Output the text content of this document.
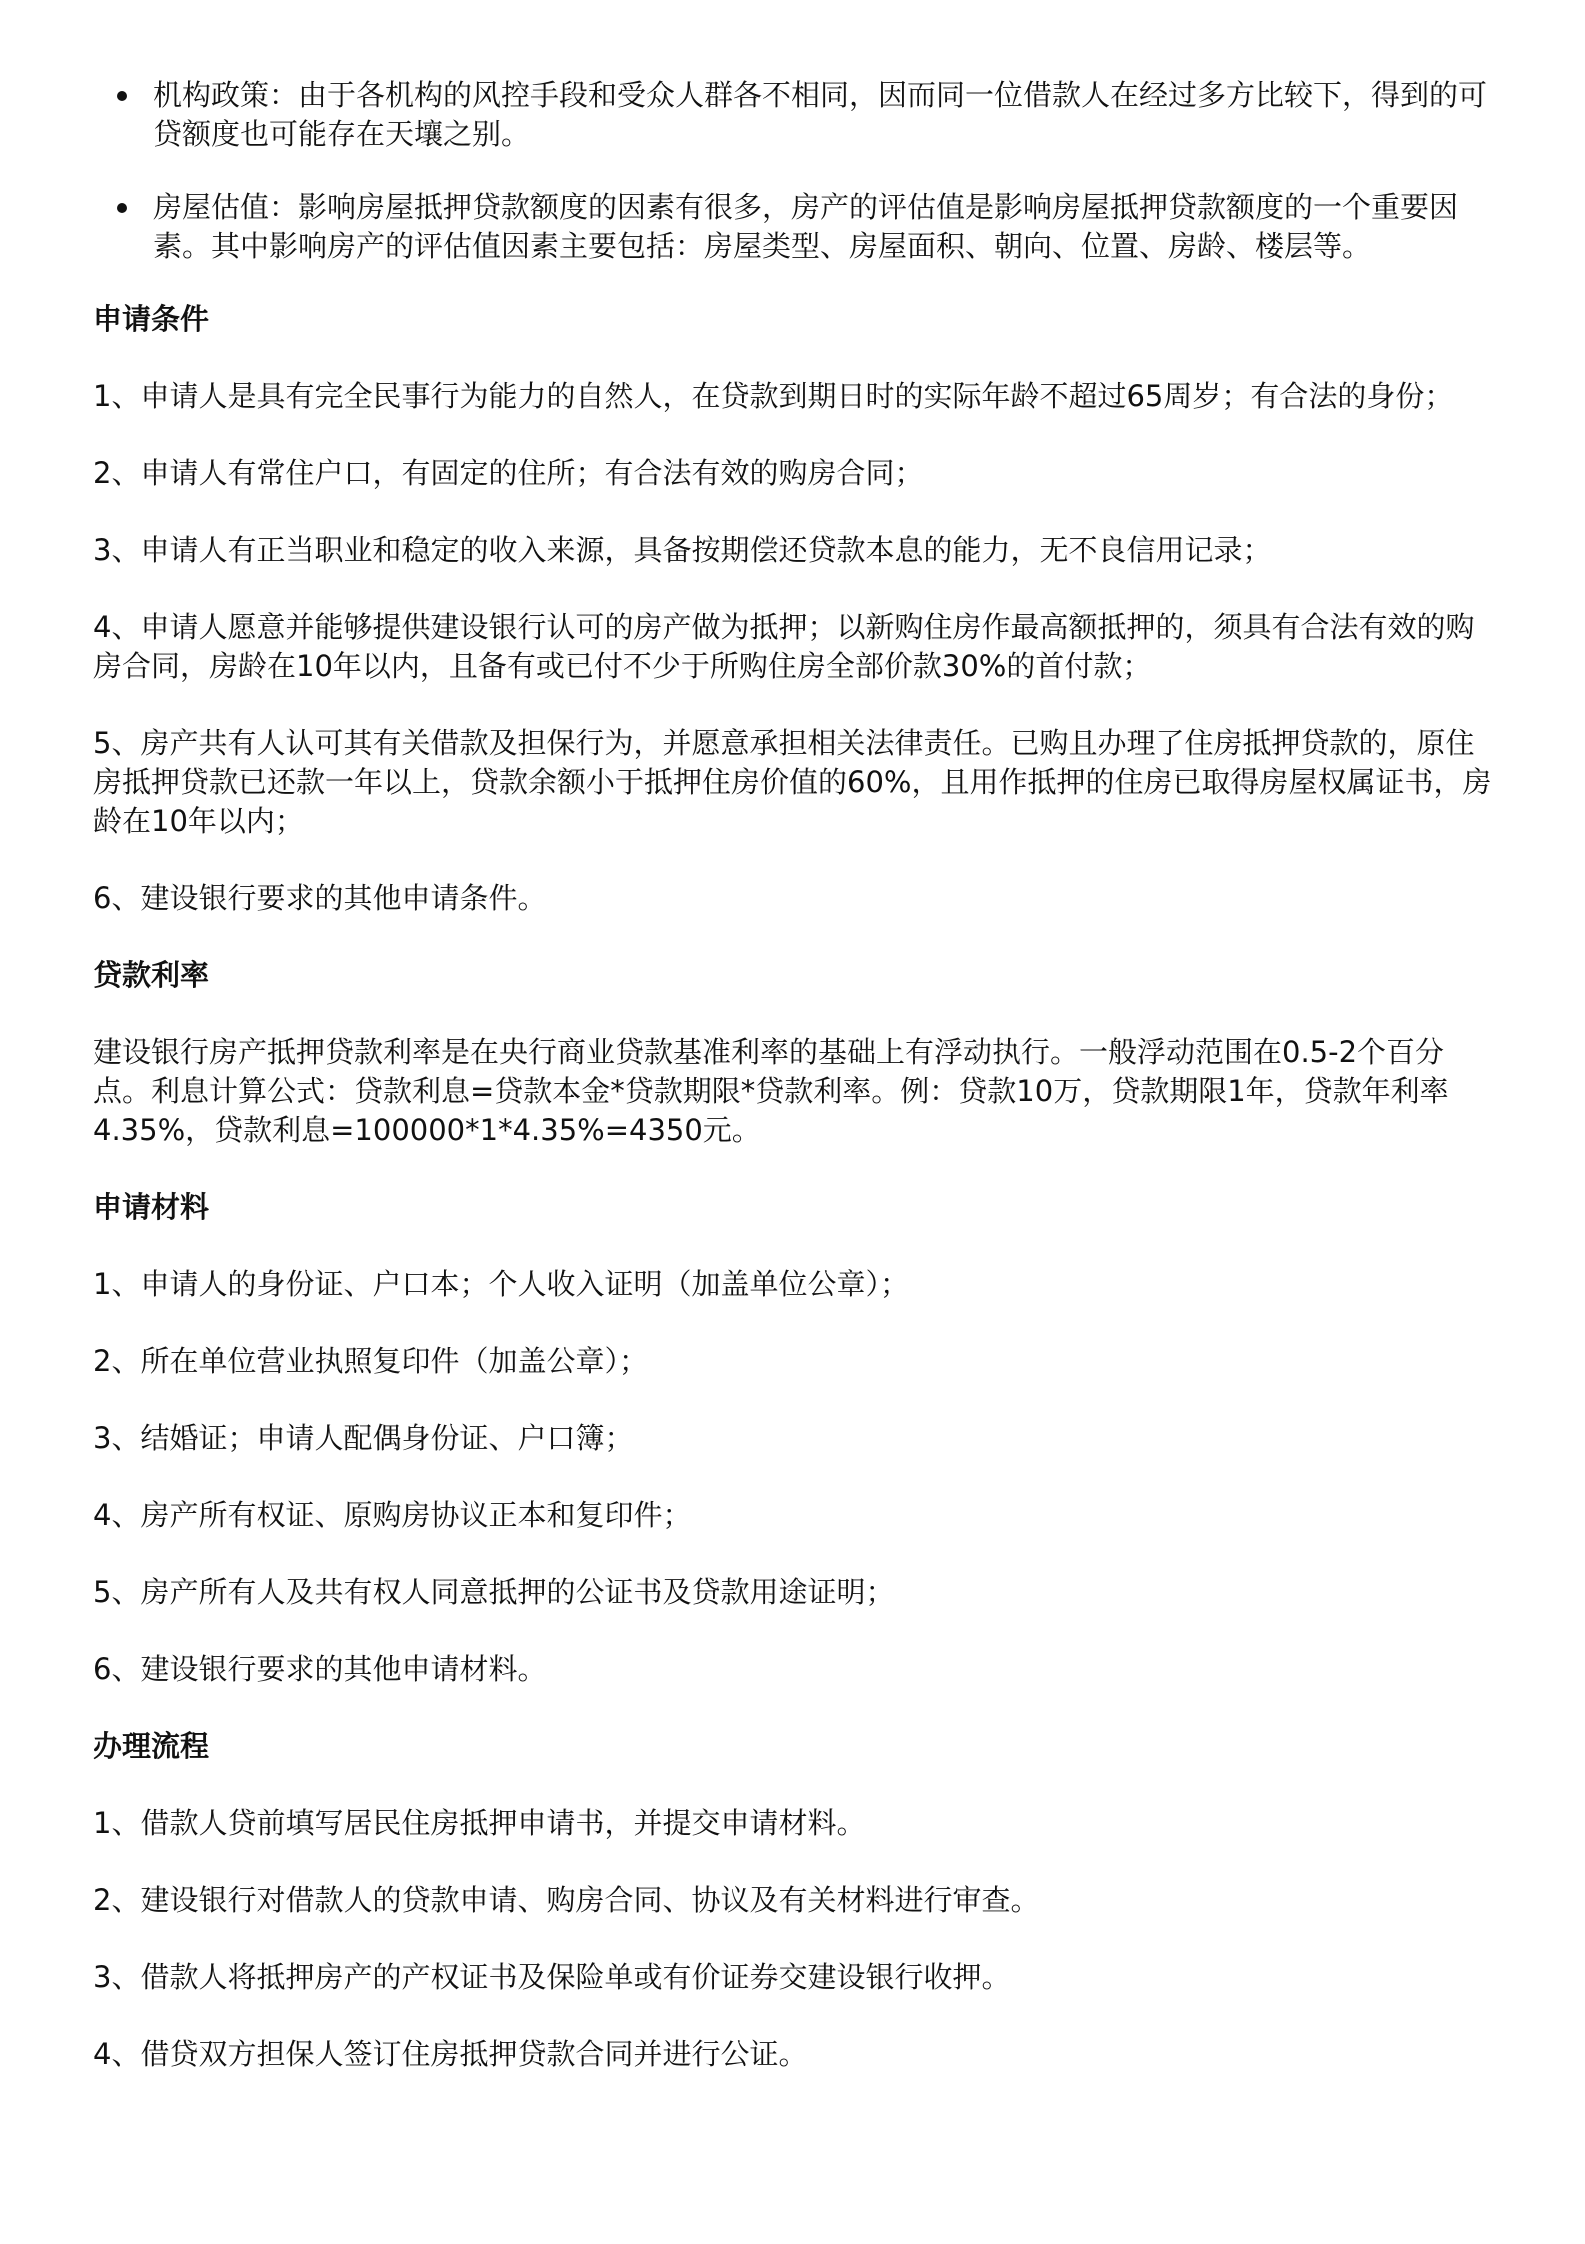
机构政策：由于各机构的风控手段和受众人群各不相同，因而同一位借款人在经过多方比较下，得到的可贷额度也可能存在天壤之别。
房屋估值：影响房屋抵押贷款额度的因素有很多，房产的评估值是影响房屋抵押贷款额度的一个重要因素。其中影响房产的评估值因素主要包括：房屋类型、房屋面积、朝向、位置、房龄、楼层等。
申请条件

1、申请人是具有完全民事行为能力的自然人，在贷款到期日时的实际年龄不超过65周岁；有合法的身份；

2、申请人有常住户口，有固定的住所；有合法有效的购房合同；

3、申请人有正当职业和稳定的收入来源，具备按期偿还贷款本息的能力，无不良信用记录；

4、申请人愿意并能够提供建设银行认可的房产做为抵押；以新购住房作最高额抵押的，须具有合法有效的购房合同，房龄在10年以内，且备有或已付不少于所购住房全部价款30%的首付款；

5、房产共有人认可其有关借款及担保行为，并愿意承担相关法律责任。已购且办理了住房抵押贷款的，原住房抵押贷款已还款一年以上，贷款余额小于抵押住房价值的60%，且用作抵押的住房已取得房屋权属证书，房龄在10年以内；

6、建设银行要求的其他申请条件。

贷款利率

建设银行房产抵押贷款利率是在央行商业贷款基准利率的基础上有浮动执行。一般浮动范围在0.5-2个百分点。利息计算公式：贷款利息=贷款本金*贷款期限*贷款利率。例：贷款10万，贷款期限1年，贷款年利率4.35%，贷款利息=100000*1*4.35%=4350元。

申请材料

1、申请人的身份证、户口本；个人收入证明（加盖单位公章）；

2、所在单位营业执照复印件（加盖公章）；

3、结婚证；申请人配偶身份证、户口簿；

4、房产所有权证、原购房协议正本和复印件；

5、房产所有人及共有权人同意抵押的公证书及贷款用途证明；

6、建设银行要求的其他申请材料。

办理流程

1、借款人贷前填写居民住房抵押申请书，并提交申请材料。

2、建设银行对借款人的贷款申请、购房合同、协议及有关材料进行审查。

3、借款人将抵押房产的产权证书及保险单或有价证券交建设银行收押。

4、借贷双方担保人签订住房抵押贷款合同并进行公证。
